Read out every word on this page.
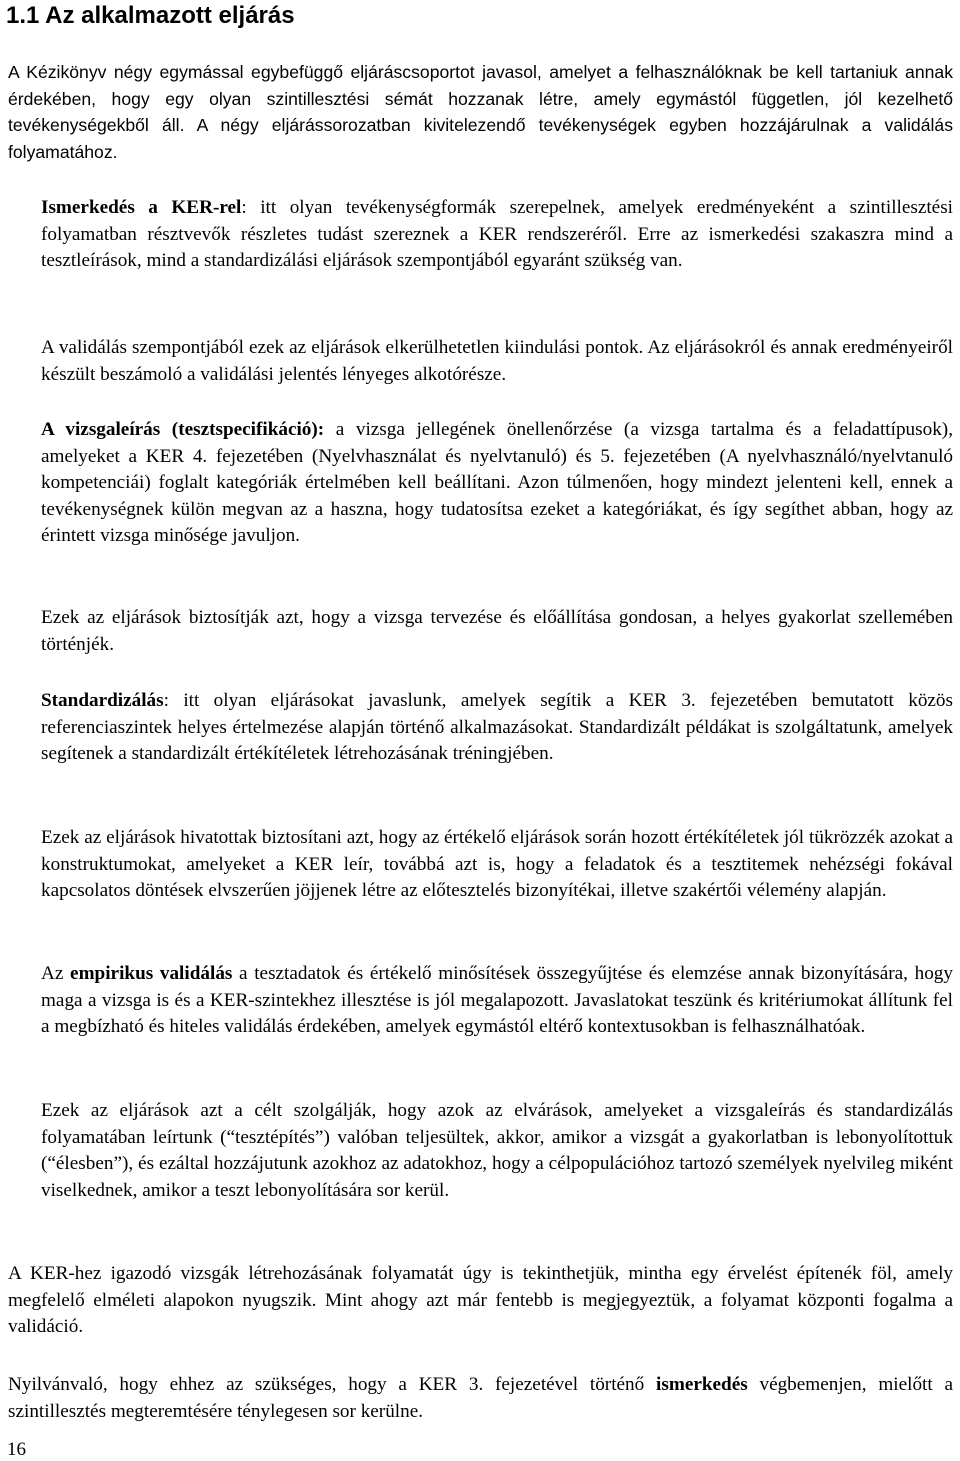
1.1 Az alkalmazott eljárás

A Kézikönyv négy egymással egybefüggő eljáráscsoportot javasol, amelyet a felhasználóknak be kell tartaniuk annak érdekében, hogy egy olyan szintillesztési sémát hozzanak létre, amely egymástól független, jól kezelhető tevékenységekből áll. A négy eljárássorozatban kivitelezendő tevékenységek egyben hozzájárulnak a validálás folyamatához.

Ismerkedés a KER-rel: itt olyan tevékenységformák szerepelnek, amelyek eredményeként a szintillesztési folyamatban résztvevők részletes tudást szereznek a KER rendszeréről. Erre az ismerkedési szakaszra mind a tesztleírások, mind a standardizálási eljárások szempontjából egyaránt szükség van.

A validálás szempontjából ezek az eljárások elkerülhetetlen kiindulási pontok. Az eljárásokról és annak eredményeiről készült beszámoló a validálási jelentés lényeges alkotórésze.

A vizsgaleírás (tesztspecifikáció): a vizsga jellegének önellenőrzése (a vizsga tartalma és a feladattípusok), amelyeket a KER 4. fejezetében (Nyelvhasználat és nyelvtanuló) és 5. fejezetében (A nyelvhasználó/nyelvtanuló kompetenciái) foglalt kategóriák értelmében kell beállítani. Azon túlmenően, hogy mindezt jelenteni kell, ennek a tevékenységnek külön megvan az a haszna, hogy tudatosítsa ezeket a kategóriákat, és így segíthet abban, hogy az érintett vizsga minősége javuljon.

Ezek az eljárások biztosítják azt, hogy a vizsga tervezése és előállítása gondosan, a helyes gyakorlat szellemében történjék.

Standardizálás: itt olyan eljárásokat javaslunk, amelyek segítik a KER 3. fejezetében bemutatott közös referenciaszintek helyes értelmezése alapján történő alkalmazásokat. Standardizált példákat is szolgáltatunk, amelyek segítenek a standardizált értékítéletek létrehozásának tréningjében.

Ezek az eljárások hivatottak biztosítani azt, hogy az értékelő eljárások során hozott értékítéletek jól tükrözzék azokat a konstruktumokat, amelyeket a KER leír, továbbá azt is, hogy a feladatok és a tesztitemek nehézségi fokával kapcsolatos döntések elvszerűen jöjjenek létre az előtesztelés bizonyítékai, illetve szakértői vélemény alapján.

Az empirikus validálás a tesztadatok és értékelő minősítések összegyűjtése és elemzése annak bizonyítására, hogy maga a vizsga is és a KER-szintekhez illesztése is jól megalapozott. Javaslatokat teszünk és kritériumokat állítunk fel a megbízható és hiteles validálás érdekében, amelyek egymástól eltérő kontextusokban is felhasználhatóak.

Ezek az eljárások azt a célt szolgálják, hogy azok az elvárások, amelyeket a vizsgaleírás és standardizálás folyamatában leírtunk (“tesztépítés”) valóban teljesültek, akkor, amikor a vizsgát a gyakorlatban is lebonyolítottuk (“élesben”), és ezáltal hozzájutunk azokhoz az adatokhoz, hogy a célpopulációhoz tartozó személyek nyelvileg miként viselkednek, amikor a teszt lebonyolítására sor kerül.

A KER-hez igazodó vizsgák létrehozásának folyamatát úgy is tekinthetjük, mintha egy érvelést építenék föl, amely megfelelő elméleti alapokon nyugszik. Mint ahogy azt már fentebb is megjegyeztük, a folyamat központi fogalma a validáció.

Nyilvánvaló, hogy ehhez az szükséges, hogy a KER 3. fejezetével történő ismerkedés végbemenjen, mielőtt a szintillesztés megteremtésére ténylegesen sor kerülne.

16
